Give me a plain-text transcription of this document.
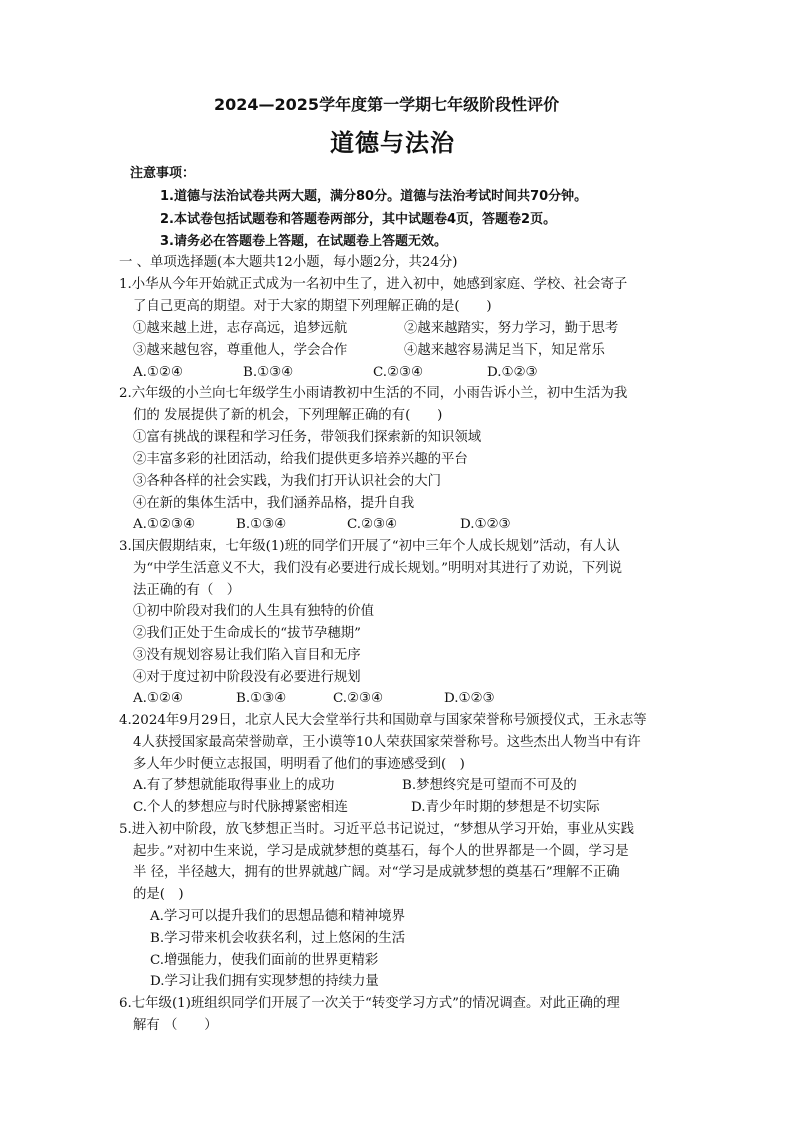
2024—2025学年度第一学期七年级阶段性评价
道德与法治
注意事项：
1.道德与法治试卷共两大题，满分80分。道德与法治考试时间共70分钟。
2.本试卷包括试题卷和答题卷两部分，其中试题卷4页，答题卷2页。
3.请务必在答题卷上答题，在试题卷上答题无效。
一 、单项选择题(本大题共12小题，每小题2分，共24分)
1.小华从今年开始就正式成为一名初中生了，进入初中，她感到家庭、学校、社会寄子
了自己更高的期望。对于大家的期望下列理解正确的是(　　)
①越来越上进，志存高远，追梦远航	②越来越踏实，努力学习，勤于思考
③越来越包容，尊重他人，学会合作	④越来越容易满足当下，知足常乐
A.①②④	B.①③④	C.②③④	D.①②③
2.六年级的小兰向七年级学生小雨请教初中生活的不同，小雨告诉小兰，初中生活为我
们的 发展提供了新的机会，下列理解正确的有(　　)
①富有挑战的课程和学习任务，带领我们探索新的知识领域
②丰富多彩的社团活动，给我们提供更多培养兴趣的平台
③各种各样的社会实践，为我们打开认识社会的大门
④在新的集体生活中，我们涵养品格，提升自我
A.①②③④	B.①③④	C.②③④	D.①②③
3.国庆假期结束，七年级(1)班的同学们开展了“初中三年个人成长规划”活动，有人认
为“中学生活意义不大，我们没有必要进行成长规划。”明明对其进行了劝说，下列说
法正确的有（　）
①初中阶段对我们的人生具有独特的价值
②我们正处于生命成长的“拔节孕穗期”
③没有规划容易让我们陷入盲目和无序
④对于度过初中阶段没有必要进行规划
A.①②④	B.①③④	C.②③④	D.①②③
4.2024年9月29日，北京人民大会堂举行共和国勋章与国家荣誉称号颁授仪式，王永志等
4人获授国家最高荣誉勋章，王小谟等10人荣获国家荣誉称号。这些杰出人物当中有许
多人年少时便立志报国，明明看了他们的事迹感受到(　)
A.有了梦想就能取得事业上的成功	B.梦想终究是可望而不可及的
C.个人的梦想应与时代脉搏紧密相连	D.青少年时期的梦想是不切实际
5.进入初中阶段，放飞梦想正当时。习近平总书记说过，“梦想从学习开始，事业从实践
起步。”对初中生来说，学习是成就梦想的奠基石，每个人的世界都是一个圆，学习是
半 径，半径越大，拥有的世界就越广阔。对“学习是成就梦想的奠基石”理解不正确
的是(　)
A.学习可以提升我们的思想品德和精神境界
B.学习带来机会收获名利，过上悠闲的生活
C.增强能力，使我们面前的世界更精彩
D.学习让我们拥有实现梦想的持续力量
6.七年级(1)班组织同学们开展了一次关于“转变学习方式”的情况调查。对此正确的理
解有 （　　）
